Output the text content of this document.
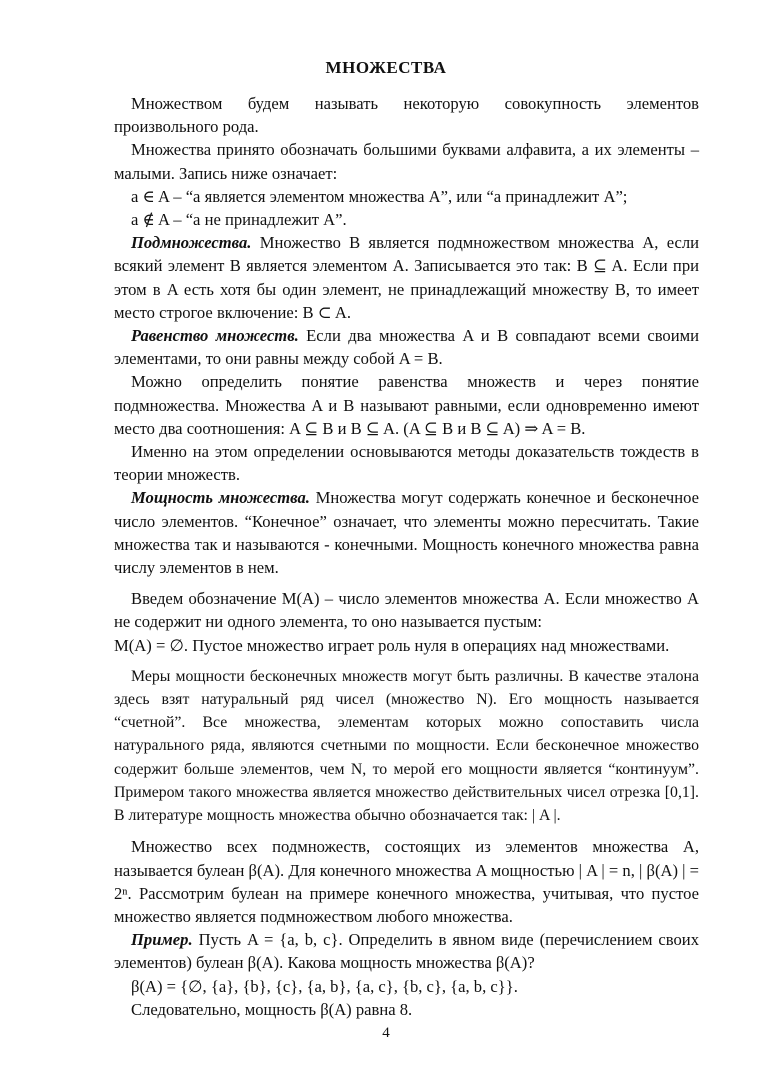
МНОЖЕСТВА

Множеством будем называть некоторую совокупность элементов произвольного рода.

Множества принято обозначать большими буквами алфавита, а их элементы – малыми. Запись ниже означает:

a ∈ A – “a является элементом множества A”, или “a принадлежит A”;

a ∉ A – “a не принадлежит A”.

Подмножества. Множество B является подмножеством множества A, если всякий элемент B является элементом A. Записывается это так: B ⊆ A. Если при этом в A есть хотя бы один элемент, не принадлежащий множеству B, то имеет место строгое включение: B ⊂ A.

Равенство множеств. Если два множества A и B совпадают всеми своими элементами, то они равны между собой A = B.

Можно определить понятие равенства множеств и через понятие подмножества. Множества A и B называют равными, если одновременно имеют место два соотношения: A ⊆ B и B ⊆ A. (A ⊆ B и B ⊆ A) ⇒ A = B.

Именно на этом определении основываются методы доказательств тождеств в теории множеств.

Мощность множества. Множества могут содержать конечное и бесконечное число элементов. “Конечное” означает, что элементы можно пересчитать. Такие множества так и называются - конечными. Мощность конечного множества равна числу элементов в нем.

Введем обозначение M(A) – число элементов множества A. Если множество A не содержит ни одного элемента, то оно называется пустым:

M(A) = ∅. Пустое множество играет роль нуля в операциях над множествами.

Меры мощности бесконечных множеств могут быть различны. В качестве эталона здесь взят натуральный ряд чисел (множество N). Его мощность называется “счетной”. Все множества, элементам которых можно сопоставить числа натурального ряда, являются счетными по мощности. Если бесконечное множество содержит больше элементов, чем N, то мерой его мощности является “континуум”. Примером такого множества является множество действительных чисел отрезка [0,1]. В литературе мощность множества обычно обозначается так: | A |.

Множество всех подмножеств, состоящих из элементов множества A, называется булеан β(A). Для конечного множества A мощностью | A | = n, | β(A) | = 2ⁿ. Рассмотрим булеан на примере конечного множества, учитывая, что пустое множество является подмножеством любого множества.

Пример. Пусть A = {a, b, c}. Определить в явном виде (перечислением своих элементов) булеан β(A). Какова мощность множества β(A)?

β(A) = {∅, {a}, {b}, {c}, {a, b}, {a, c}, {b, c}, {a, b, c}}.

Следовательно, мощность β(A) равна 8.

4
